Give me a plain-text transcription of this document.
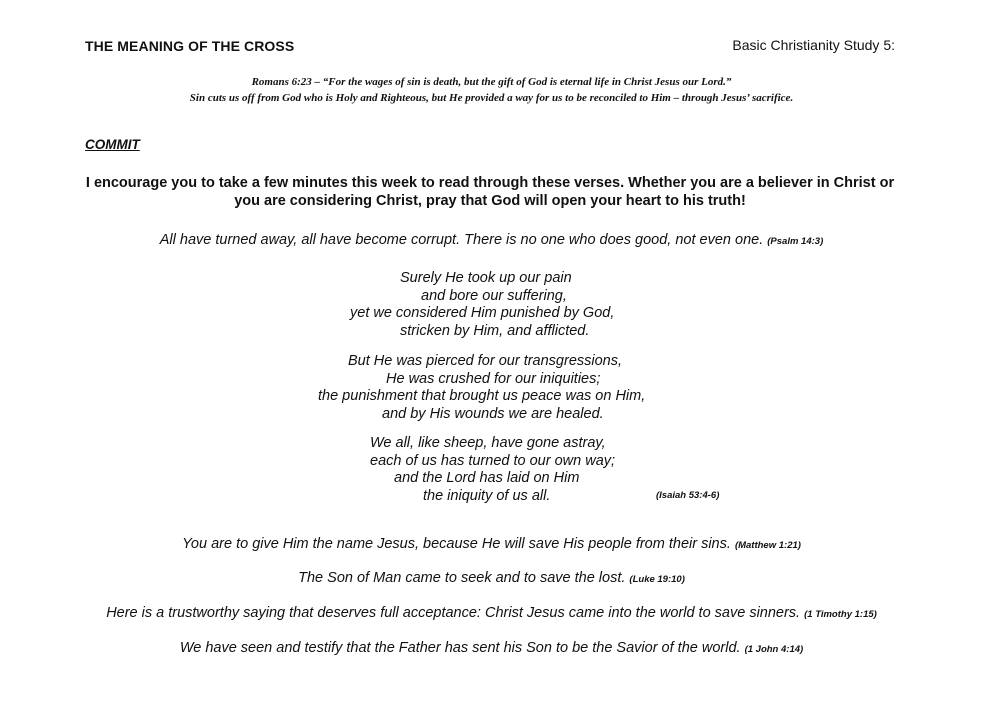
THE MEANING OF THE CROSS	Basic Christianity Study 5:
Romans 6:23 – “For the wages of sin is death, but the gift of God is eternal life in Christ Jesus our Lord.”
Sin cuts us off from God who is Holy and Righteous, but He provided a way for us to be reconciled to Him – through Jesus’ sacrifice.
COMMIT
I encourage you to take a few minutes this week to read through these verses. Whether you are a believer in Christ or you are considering Christ, pray that God will open your heart to his truth!
All have turned away, all have become corrupt. There is no one who does good, not even one. (Psalm 14:3)
Surely He took up our pain
and bore our suffering,
yet we considered Him punished by God,
stricken by Him, and afflicted.
But He was pierced for our transgressions,
He was crushed for our iniquities;
the punishment that brought us peace was on Him,
and by His wounds we are healed.
We all, like sheep, have gone astray,
each of us has turned to our own way;
and the Lord has laid on Him
the iniquity of us all.	(Isaiah 53:4-6)
You are to give Him the name Jesus, because He will save His people from their sins. (Matthew 1:21)
The Son of Man came to seek and to save the lost. (Luke 19:10)
Here is a trustworthy saying that deserves full acceptance: Christ Jesus came into the world to save sinners. (1 Timothy 1:15)
We have seen and testify that the Father has sent his Son to be the Savior of the world. (1 John 4:14)
